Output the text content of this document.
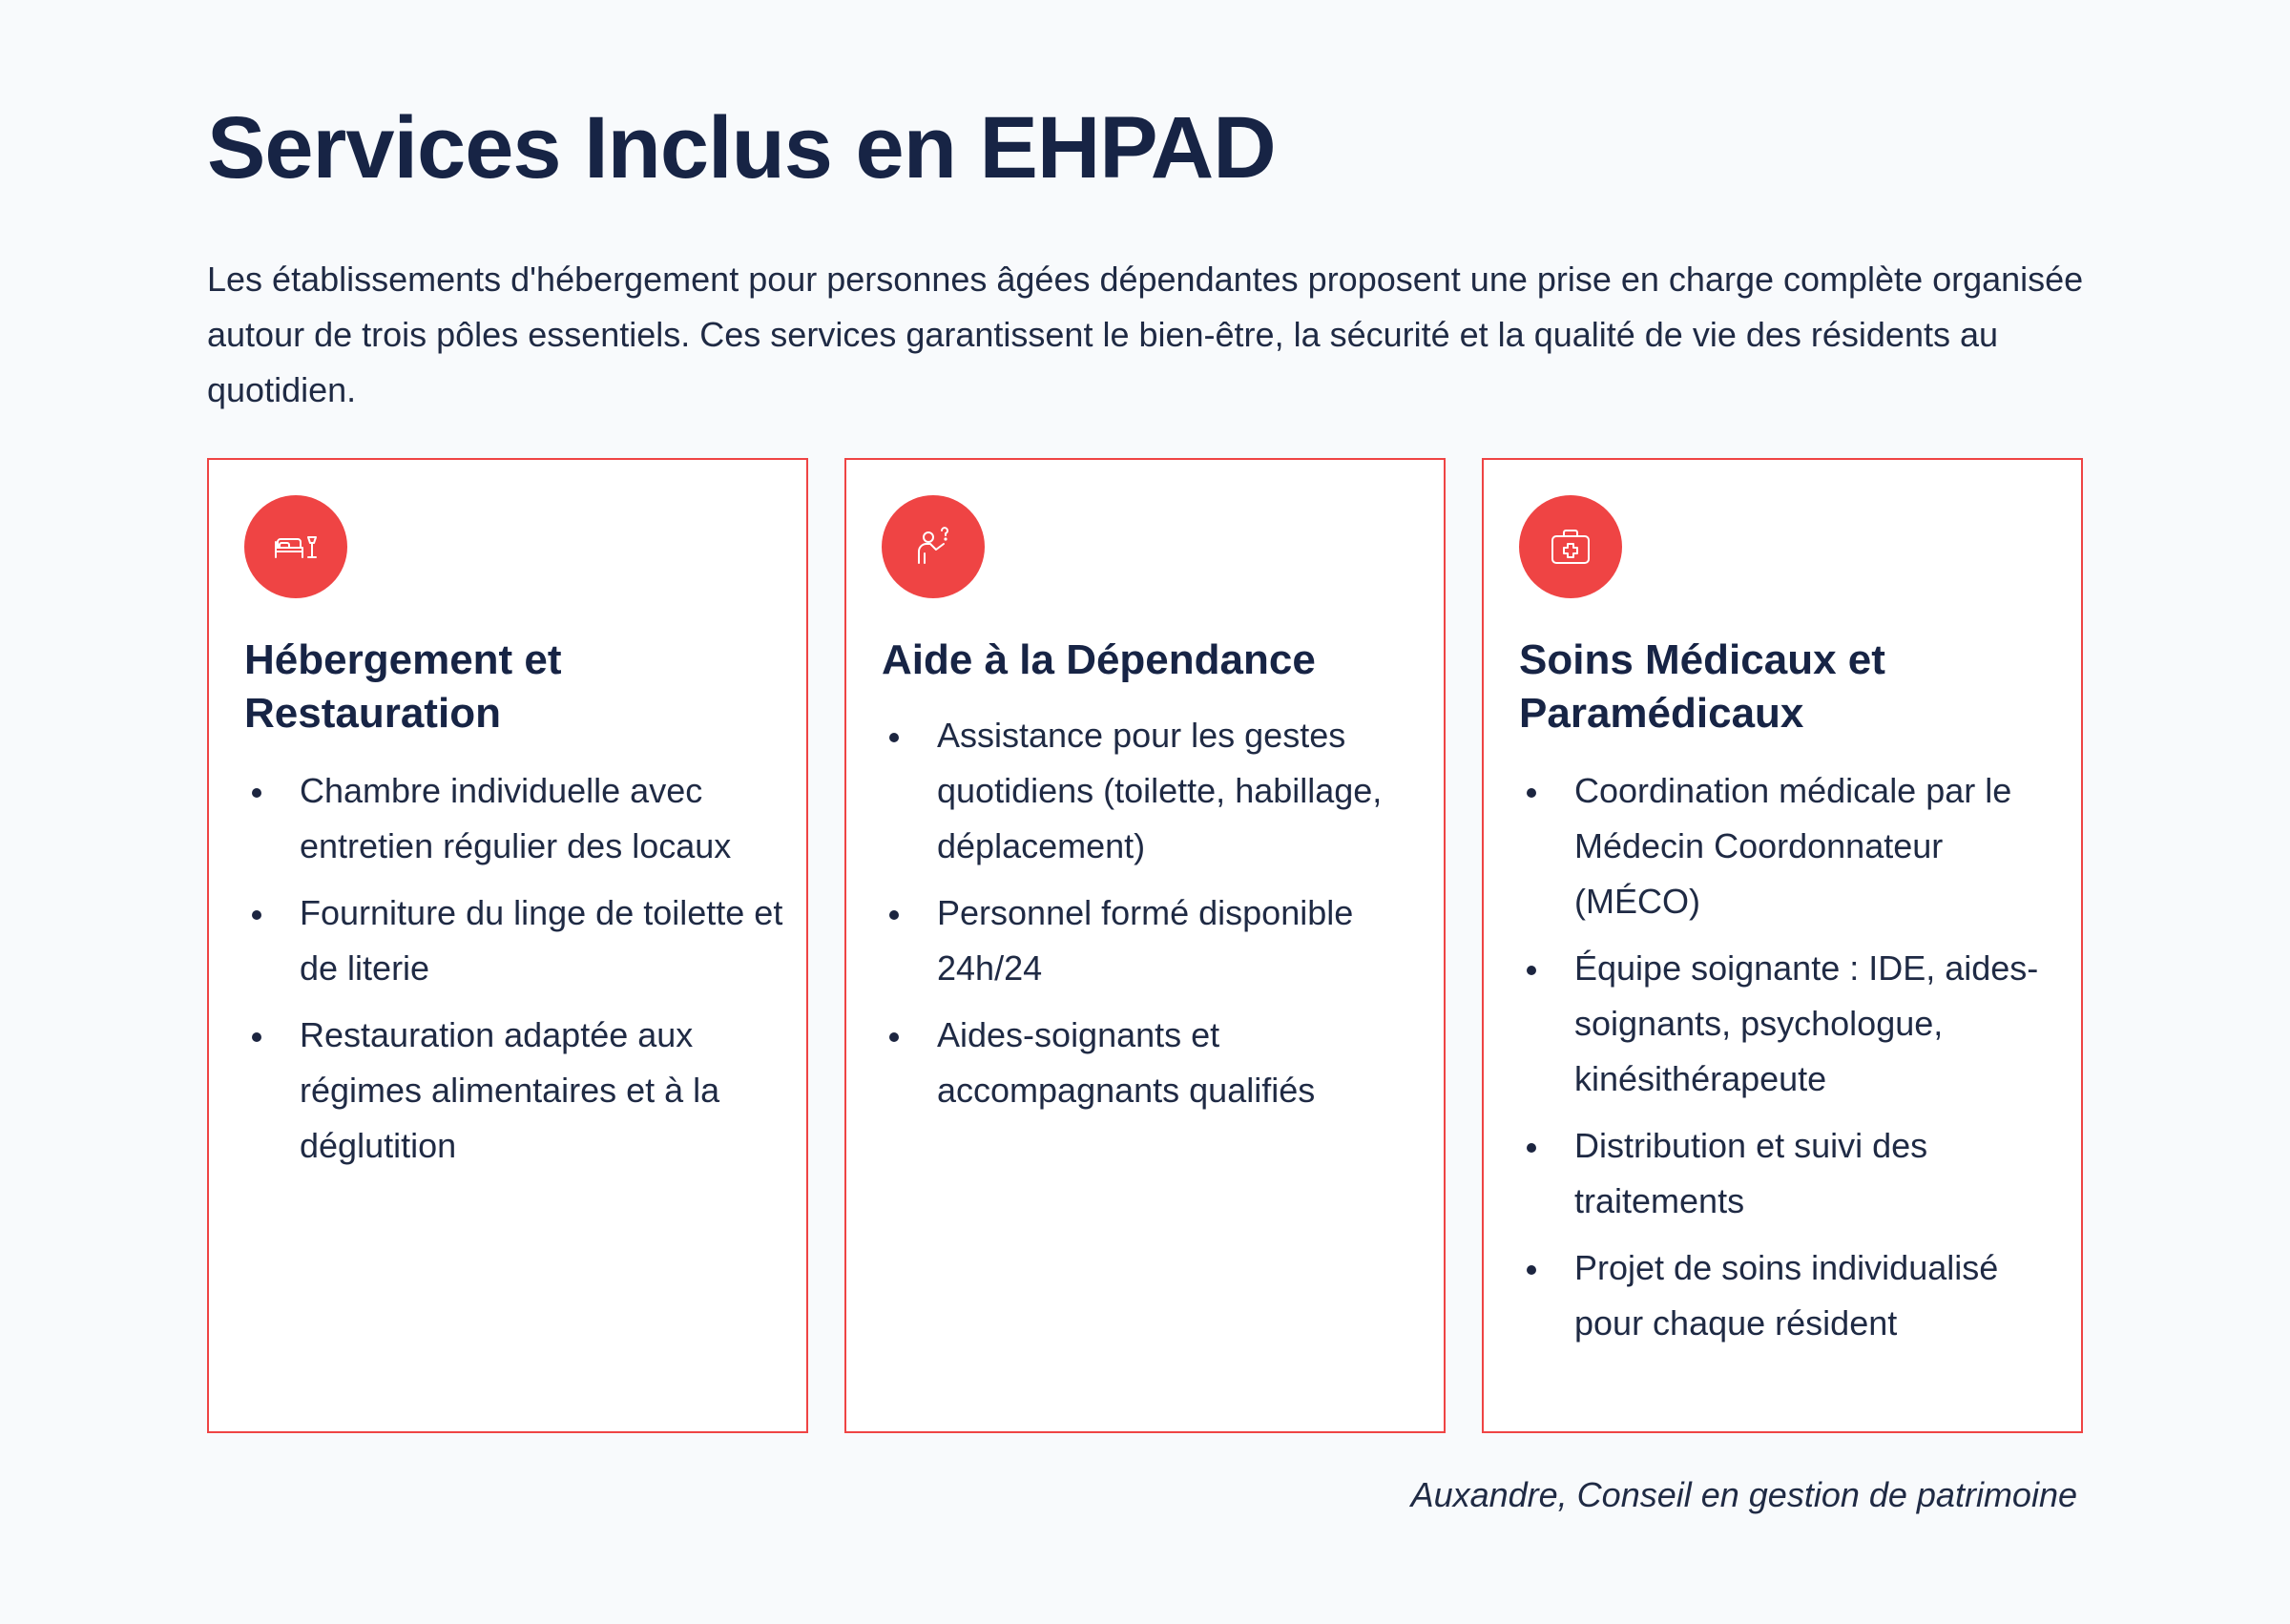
Services Inclus en EHPAD

Les établissements d'hébergement pour personnes âgées dépendantes proposent une prise en charge complète organisée autour de trois pôles essentiels. Ces services garantissent le bien-être, la sécurité et la qualité de vie des résidents au quotidien.

Hébergement et Restauration
Chambre individuelle avec entretien régulier des locaux
Fourniture du linge de toilette et de literie
Restauration adaptée aux régimes alimentaires et à la déglutition
Aide à la Dépendance
Assistance pour les gestes quotidiens (toilette, habillage, déplacement)
Personnel formé disponible 24h/24
Aides-soignants et accompagnants qualifiés
Soins Médicaux et Paramédicaux
Coordination médicale par le Médecin Coordonnateur (MÉCO)
Équipe soignante : IDE, aides-soignants, psychologue, kinésithérapeute
Distribution et suivi des traitements
Projet de soins individualisé pour chaque résident

Auxandre, Conseil en gestion de patrimoine
